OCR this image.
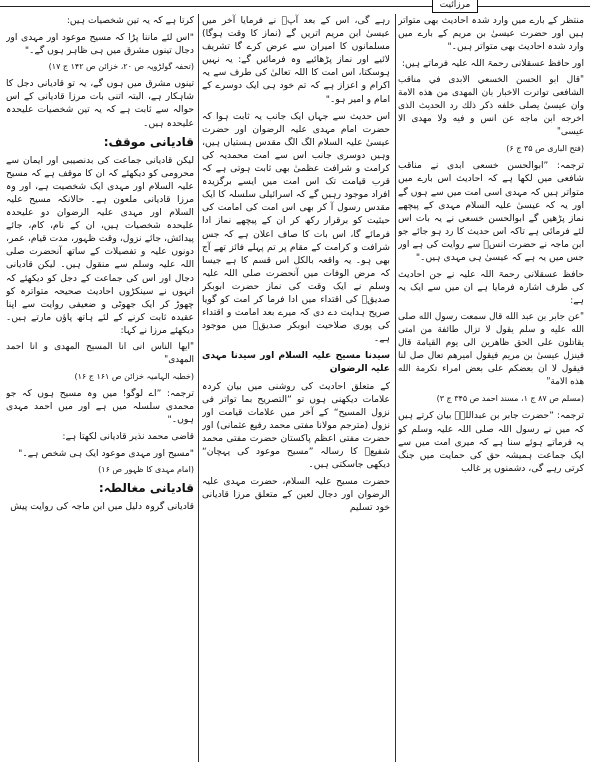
مرزائیت

منتظر کے بارے میں وارد شدہ احادیث بھی متواتر ہیں اور حضرت عیسیٰ بن مریم کے بارے میں وارد شدہ احادیث بھی متواتر ہیں۔"

اور حافظ عسقلانی رحمۃ اللہ علیہ فرماتے ہیں:

"قال ابو الحسن الخسعي الابدى في مناقب الشافعى تواترت الاخبار بان المهدى من هذه الامة وان عيسىٰ يصلى خلفه ذكر ذلك رد الحديث الذى اخرجه ابن ماجه عن انس و فيه ولا مهدى الا عيسى"

(فتح الباری ص ۳۵ ج ۶)

ترجمہ: ”ابوالحسن خسعی ابدی نے مناقب شافعی میں لکھا ہے کہ احادیث اس بارے میں متواتر ہیں کہ مہدی اسی امت میں سے ہوں گے اور یہ کہ عیسیٰ علیہ السلام مہدی کے پیچھے نماز پڑھیں گے ابوالحسن خسعی نے یہ بات اس لئے فرمائی ہے تاکہ اس حدیث کا رد ہو جائے جو ابن ماجہ نے حضرت انسؓ سے روایت کی ہے اور جس میں یہ ہے کہ عیسیٰ ہی مہدی ہیں۔"

حافظ عسقلانی رحمۃ اللہ علیہ نے جن احادیث کی طرف اشارہ فرمایا ہے ان میں سے ایک یہ ہے:

"عن جابر بن عبد الله قال سمعت رسول الله صلى الله عليه و سلم يقول لا تزال طائفة من امتى يقاتلون على الحق ظاهرين الى يوم القيامة قال فينزل عيسىٰ بن مريم فيقول اميرهم تعال صل لنا فيقول لا ان بعضكم على بعض امراء تكرمة الله هذه الامة"

(مسلم ص ۸۷ ج ۱، مسند احمد ص ۳۴۵ ج ۳)

ترجمہ: ”حضرت جابر بن عبداللہؓ بیان کرتے ہیں کہ میں نے رسول اللہ صلی اللہ علیہ وسلم کو یہ فرماتے ہوئے سنا ہے کہ میری امت میں سے ایک جماعت ہمیشہ حق کی حمایت میں جنگ کرتی رہے گی، دشمنوں پر غالب

رہے گی، اس کے بعد آپؐ نے فرمایا آخر میں عیسیٰ ابن مریم اتریں گے (نماز کا وقت ہوگا) مسلمانوں کا امیران سے عرض کرے گا تشریف لائیے اور نماز پڑھائیے وہ فرمائیں گے: یہ نہیں ہوسکتا، اس امت کا اللہ تعالیٰ کی طرف سے یہ اکرام و اعزاز ہے کہ تم خود ہی ایک دوسرے کے امام و امیر ہو۔"

اس حدیث سے جہاں ایک جانب یہ ثابت ہوا کہ حضرت امام مہدی علیہ الرضوان اور حضرت عیسیٰ علیہ السلام الگ الگ مقدس ہستیاں ہیں، وہیں دوسری جانب اس سے امت محمدیہ کی کرامت و شرافت عظمیٰ بھی ثابت ہوتی ہے کہ قرب قیامت تک اس امت میں ایسے برگزیدہ افراد موجود رہیں گے کہ اسرائیلی سلسلہ کا ایک مقدس رسول آ کر بھی اس امت کی امامت کی حیثیت کو برقرار رکھ کر ان کے پیچھے نماز ادا فرمائے گا، اس بات کا صاف اعلان ہے کہ جس شرافت و کرامت کے مقام پر تم پہلے فائز تھے آج بھی ہو۔ یہ واقعہ بالکل اس قسم کا ہے جیسا کہ مرض الوفات میں آنحضرت صلی اللہ علیہ وسلم نے ایک وقت کی نماز حضرت ابوبکر صدیقؓ کی اقتداء میں ادا فرما کر امت کو گویا صریح ہدایت دے دی کہ میرے بعد امامت و اقتداء کی پوری صلاحیت ابوبکر صدیقؓ میں موجود ہے۔

سیدنا مسیح علیہ السلام اور سیدنا مہدی علیہ الرضوان

کے متعلق احادیث کی روشنی میں بیان کردہ علامات دیکھنی ہوں تو ”التصریح بما تواتر فی نزول المسیح“ کے آخر میں علامات قیامت اور نزول (مترجم مولانا مفتی محمد رفیع عثمانی) اور حضرت مفتی اعظم پاکستان حضرت مفتی محمد شفیعؒ کا رسالہ ”مسیح موعود کی پہچان“ دیکھی جاسکتی ہیں۔

حضرت مسیح علیہ السلام، حضرت مہدی علیہ الرضوان اور دجال لعین کے متعلق مرزا قادیانی خود تسلیم

کرتا ہے کہ یہ تین شخصیات ہیں:

"اس لئے ماننا پڑا کہ مسیح موعود اور مہدی اور دجال تینوں مشرق میں ہی ظاہر ہوں گے۔"

(تحفہ گولڑویہ ص ۲۰، خزائن ص ۱۴۲ ج ۱۷)

تینوں مشرق میں ہوں گے، یہ تو قادیانی دجل کا شاہکار ہے، البتہ اتنی بات مرزا قادیانی کے اس حوالہ سے ثابت ہے کہ یہ تین شخصیات علیحدہ علیحدہ ہیں۔

قادیانی موقف:

لیکن قادیانی جماعت کی بدنصیبی اور ایمان سے محرومی کو دیکھئے کہ ان کا موقف ہے کہ مسیح علیہ السلام اور مہدی ایک شخصیت ہے، اور وہ مرزا قادیانی ملعون ہے۔ حالانکہ مسیح علیہ السلام اور مہدی علیہ الرضوان دو علیحدہ علیحدہ شخصیات ہیں، ان کے نام، کام، جائے پیدائش، جائے نزول، وقت ظہور، مدت قیام، عمر، دونوں علیہ و تفصیلات کے ساتھ آنحضرت صلی اللہ علیہ وسلم سے منقول ہیں۔ لیکن قادیانی دجال اور اس کی جماعت کے دجل کو دیکھئے کہ انہوں نے سینکڑوں احادیث صحیحہ متواترہ کو چھوڑ کر ایک جھوٹی و ضعیفی روایت سے اپنا عقیدہ ثابت کرنے کے لئے ہاتھ پاؤں مارتے ہیں۔ دیکھئے مرزا نے کہا:

"ايها الناس انى انا المسيح المهدى و انا احمد المهدى"

(خطبہ الہامیہ خزائن ص ۱۶۱ ج ۱۶)

ترجمہ: ”اے لوگو! میں وہ مسیح ہوں کہ جو محمدی سلسلہ میں ہے اور میں احمد مہدی ہوں۔"

قاضی محمد نذیر قادیانی لکھتا ہے:

"مسیح اور مہدی موعود ایک ہی شخص ہے۔"

(امام مہدی کا ظہور ص ۱۶)

قادیانی مغالطہ:

قادیانی گروہ دلیل میں ابن ماجہ کی روایت پیش
